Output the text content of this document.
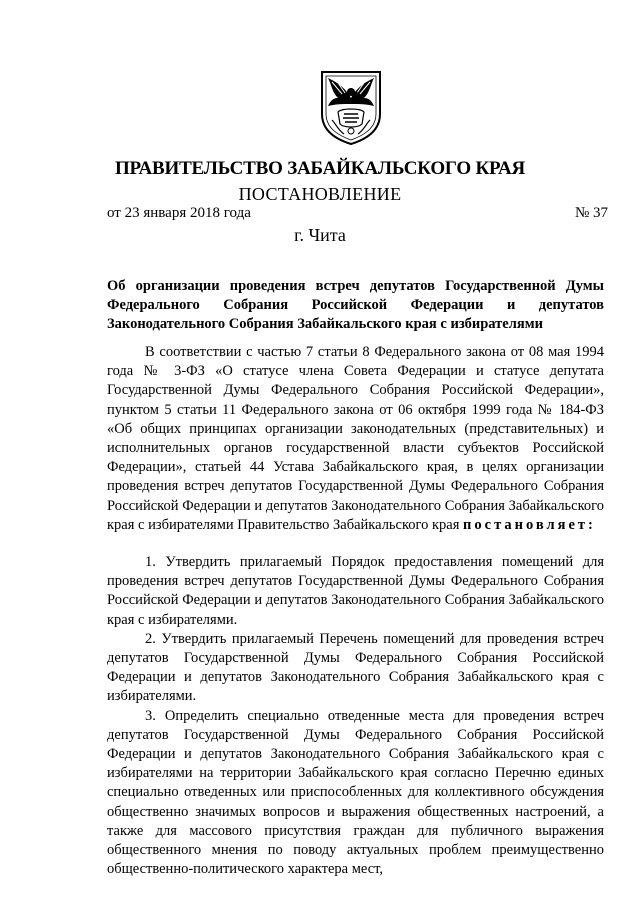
ПРАВИТЕЛЬСТВО ЗАБАЙКАЛЬСКОГО КРАЯ
ПОСТАНОВЛЕНИЕ
от 23 января 2018 года	№ 37
г. Чита
Об организации проведения встреч депутатов Государственной Думы
Федерального Собрания Российской Федерации и депутатов
Законодательного Собрания Забайкальского края с избирателями

В соответствии с частью 7 статьи 8 Федерального закона от 08 мая 1994 года № 3-ФЗ «О статусе члена Совета Федерации и статусе депутата Государственной Думы Федерального Собрания Российской Федерации», пунктом 5 статьи 11 Федерального закона от 06 октября 1999 года № 184-ФЗ «Об общих принципах организации законодательных (представительных) и исполнительных органов государственной власти субъектов Российской Федерации», статьей 44 Устава Забайкальского края, в целях организации проведения встреч депутатов Государственной Думы Федерального Собрания Российской Федерации и депутатов Законодательного Собрания Забайкальского края с избирателями Правительство Забайкальского края постановляет:

1. Утвердить прилагаемый Порядок предоставления помещений для проведения встреч депутатов Государственной Думы Федерального Собрания Российской Федерации и депутатов Законодательного Собрания Забайкальского края с избирателями.

2. Утвердить прилагаемый Перечень помещений для проведения встреч депутатов Государственной Думы Федерального Собрания Российской Федерации и депутатов Законодательного Собрания Забайкальского края с избирателями.

3. Определить специально отведенные места для проведения встреч депутатов Государственной Думы Федерального Собрания Российской Федерации и депутатов Законодательного Собрания Забайкальского края с избирателями на территории Забайкальского края согласно Перечню единых специально отведенных или приспособленных для коллективного обсуждения общественно значимых вопросов и выражения общественных настроений, а также для массового присутствия граждан для публичного выражения общественного мнения по поводу актуальных проблем преимущественно общественно-политического характера мест,
